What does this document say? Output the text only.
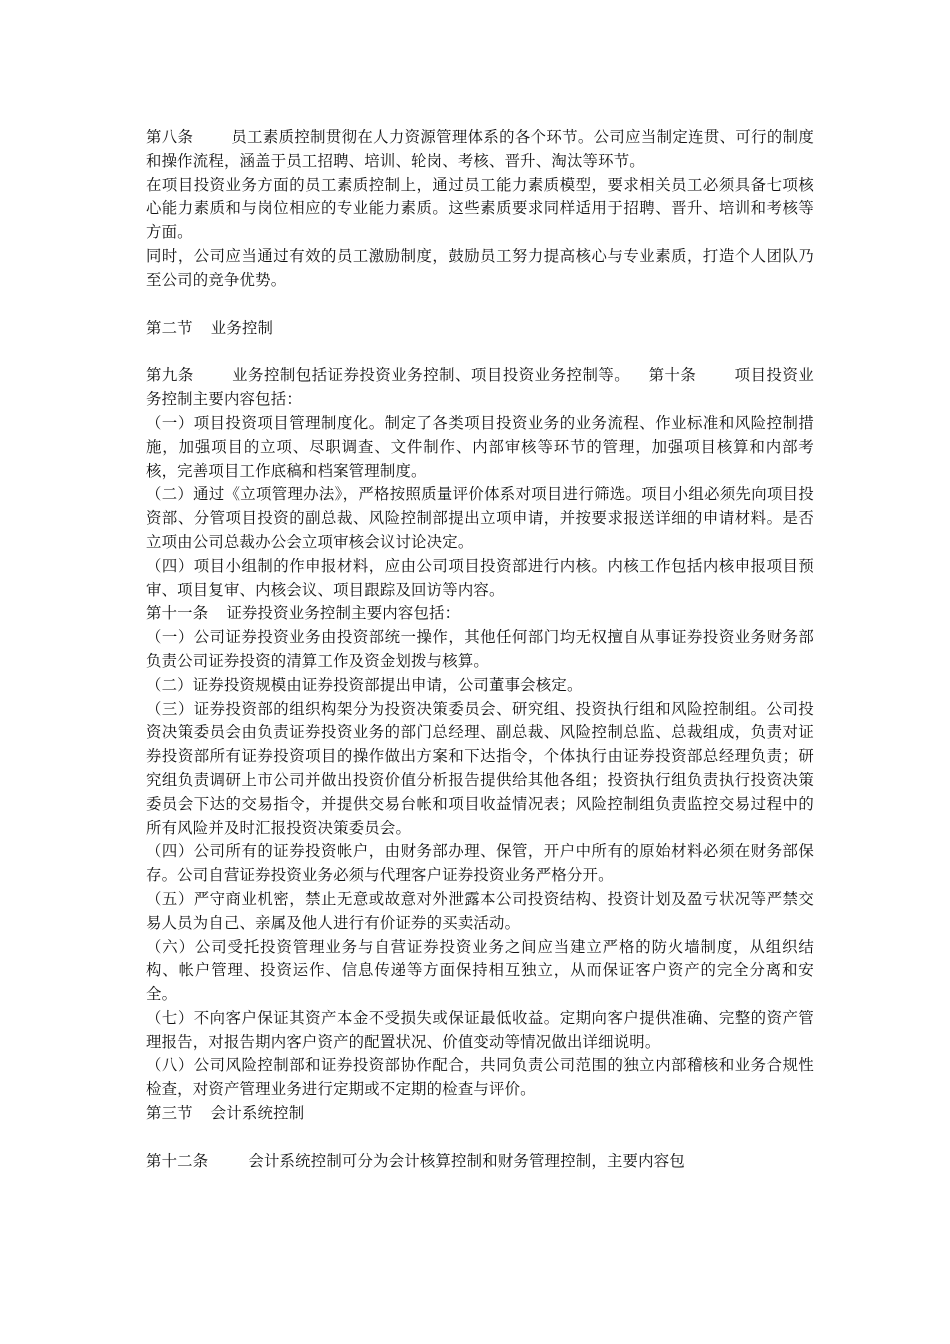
第八条 员工素质控制贯彻在人力资源管理体系的各个环节。公司应当制定连贯、可行的制度和操作流程，涵盖于员工招聘、培训、轮岗、考核、晋升、淘汰等环节。

在项目投资业务方面的员工素质控制上，通过员工能力素质模型，要求相关员工必须具备七项核心能力素质和与岗位相应的专业能力素质。这些素质要求同样适用于招聘、晋升、培训和考核等方面。

同时，公司应当通过有效的员工激励制度，鼓励员工努力提高核心与专业素质，打造个人团队乃至公司的竞争优势。

第二节 业务控制

第九条 业务控制包括证券投资业务控制、项目投资业务控制等。 第十条 项目投资业务控制主要内容包括：

（一）项目投资项目管理制度化。制定了各类项目投资业务的业务流程、作业标准和风险控制措施，加强项目的立项、尽职调查、文件制作、内部审核等环节的管理，加强项目核算和内部考核，完善项目工作底稿和档案管理制度。

（二）通过《立项管理办法》，严格按照质量评价体系对项目进行筛选。项目小组必须先向项目投资部、分管项目投资的副总裁、风险控制部提出立项申请，并按要求报送详细的申请材料。是否立项由公司总裁办公会立项审核会议讨论决定。

（四）项目小组制的作申报材料，应由公司项目投资部进行内核。内核工作包括内核申报项目预审、项目复审、内核会议、项目跟踪及回访等内容。

第十一条 证券投资业务控制主要内容包括：

（一）公司证券投资业务由投资部统一操作，其他任何部门均无权擅自从事证券投资业务财务部负责公司证券投资的清算工作及资金划拨与核算。

（二）证券投资规模由证券投资部提出申请，公司董事会核定。

（三）证券投资部的组织构架分为投资决策委员会、研究组、投资执行组和风险控制组。公司投资决策委员会由负责证券投资业务的部门总经理、副总裁、风险控制总监、总裁组成，负责对证券投资部所有证券投资项目的操作做出方案和下达指令，个体执行由证券投资部总经理负责；研究组负责调研上市公司并做出投资价值分析报告提供给其他各组；投资执行组负责执行投资决策委员会下达的交易指令，并提供交易台帐和项目收益情况表；风险控制组负责监控交易过程中的所有风险并及时汇报投资决策委员会。

（四）公司所有的证券投资帐户，由财务部办理、保管，开户中所有的原始材料必须在财务部保存。公司自营证券投资业务必须与代理客户证券投资业务严格分开。

（五）严守商业机密，禁止无意或故意对外泄露本公司投资结构、投资计划及盈亏状况等严禁交易人员为自己、亲属及他人进行有价证券的买卖活动。

（六）公司受托投资管理业务与自营证券投资业务之间应当建立严格的防火墙制度，从组织结构、帐户管理、投资运作、信息传递等方面保持相互独立，从而保证客户资产的完全分离和安全。

（七）不向客户保证其资产本金不受损失或保证最低收益。定期向客户提供准确、完整的资产管理报告，对报告期内客户资产的配置状况、价值变动等情况做出详细说明。

（八）公司风险控制部和证券投资部协作配合，共同负责公司范围的独立内部稽核和业务合规性检查，对资产管理业务进行定期或不定期的检查与评价。

第三节 会计系统控制

第十二条	会计系统控制可分为会计核算控制和财务管理控制，主要内容包
